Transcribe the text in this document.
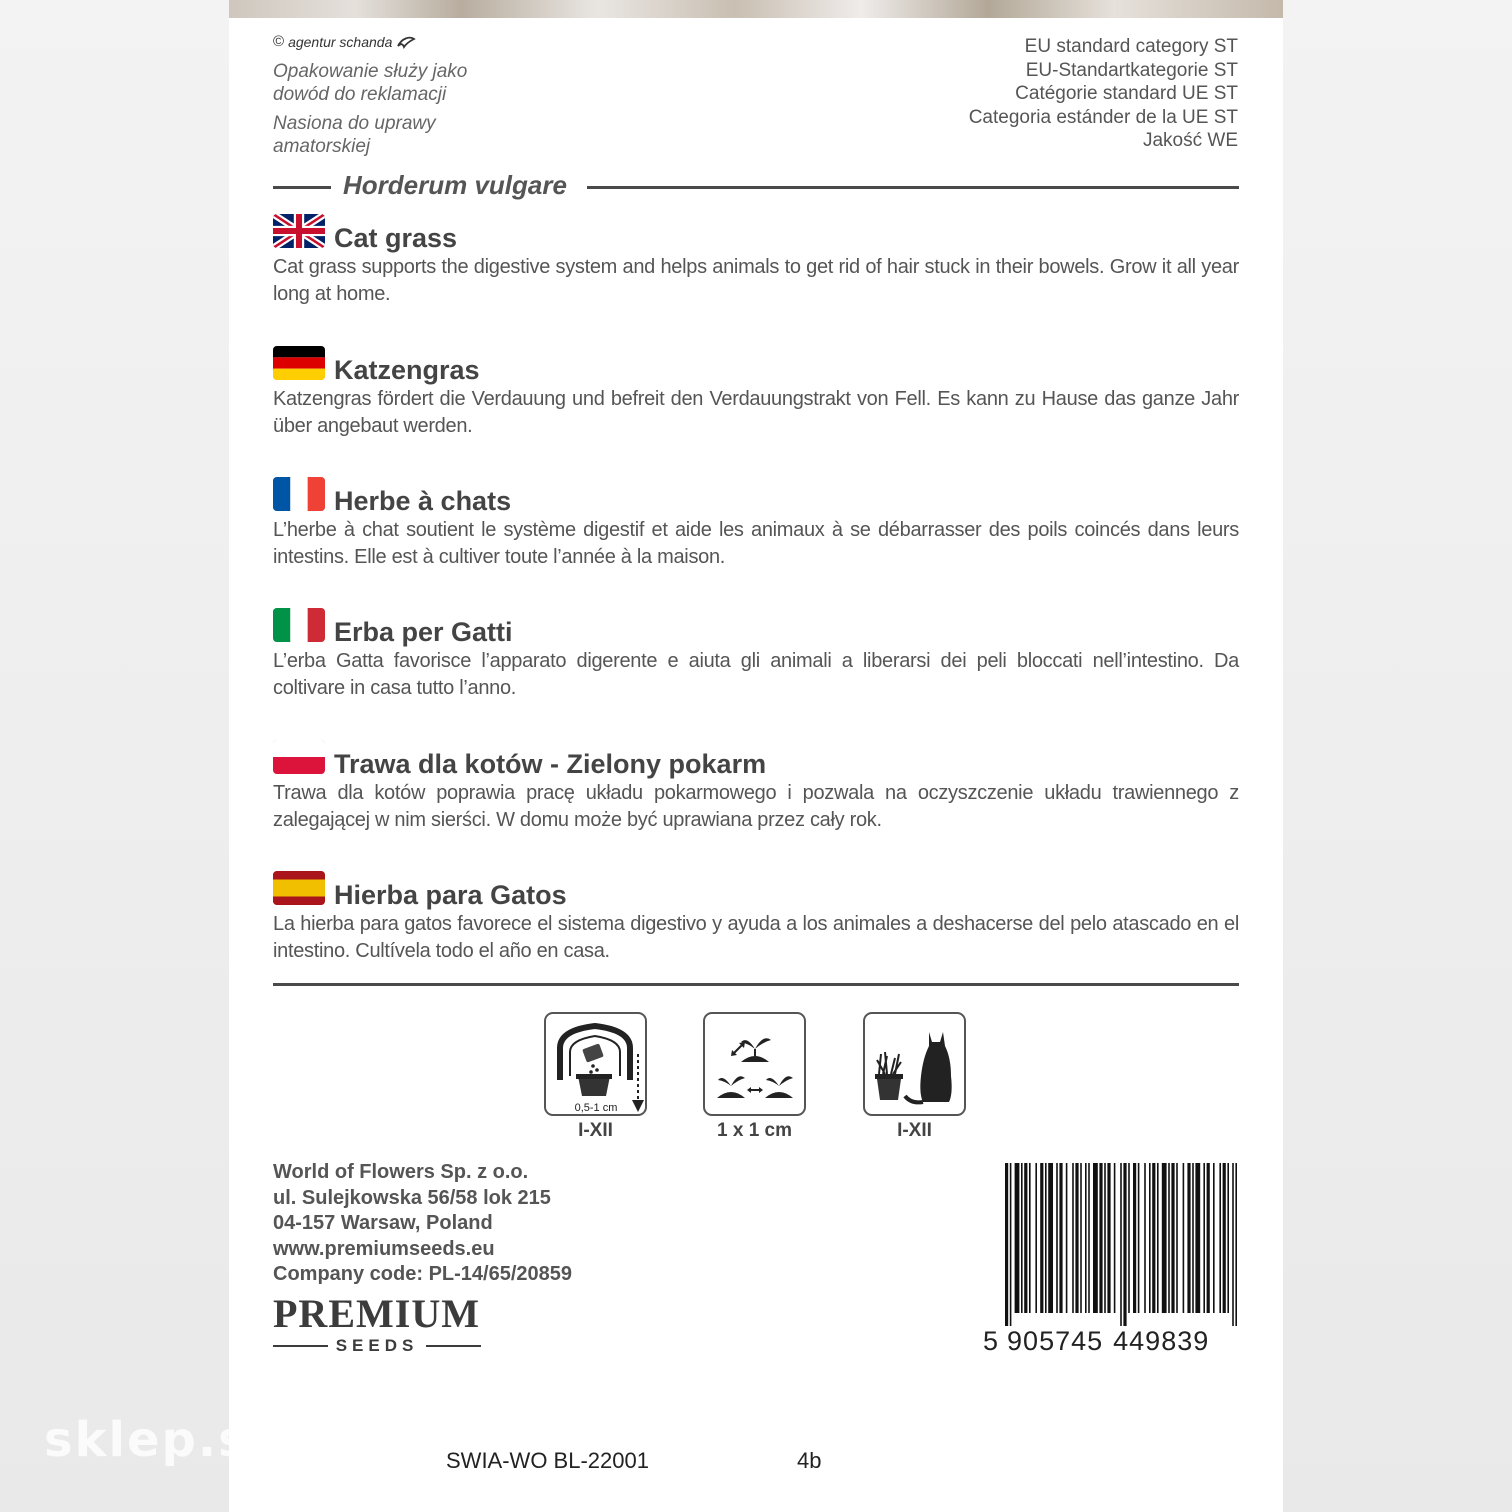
© agentur schanda
Opakowanie służy jako
dowód do reklamacji
Nasiona do uprawy
amatorskiej
EU standard category ST
EU-Standartkategorie ST
Catégorie standard UE ST
Categoria estánder de la UE ST
Jakość WE
Horderum vulgare
Cat grass
Cat grass supports the digestive system and helps animals to get rid of hair stuck in their bowels. Grow it all year long at home.
Katzengras
Katzengras fördert die Verdauung und befreit den Verdauungstrakt von Fell. Es kann zu Hause das ganze Jahr über angebaut werden.
Herbe à chats
L’herbe à chat soutient le système digestif et aide les animaux à se débarrasser des poils coincés dans leurs intestins. Elle est à cultiver toute l’année à la maison.
Erba per Gatti
L’erba Gatta favorisce l’apparato digerente e aiuta gli animali a liberarsi dei peli bloccati nell’intestino. Da coltivare in casa tutto l’anno.
Trawa dla kotów - Zielony pokarm
Trawa dla kotów poprawia pracę układu pokarmowego i pozwala na oczyszczenie układu trawiennego z zalegającej w nim sierści. W domu może być uprawiana przez cały rok.
Hierba para Gatos
La hierba para gatos favorece el sistema digestivo y ayuda a los animales a deshacerse del pelo atascado en el intestino. Cultívela todo el año en casa.
0,5-1 cm
I-XII	1 x 1 cm	I-XII
World of Flowers Sp. z o.o.
ul. Sulejkowska 56/58 lok 215
04-157 Warsaw, Poland
www.premiumseeds.eu
Company code: PL-14/65/20859
PREMIUM
SEEDS	5 905745 449839
SWIA-WO BL-22001	4b
sklep.sw
